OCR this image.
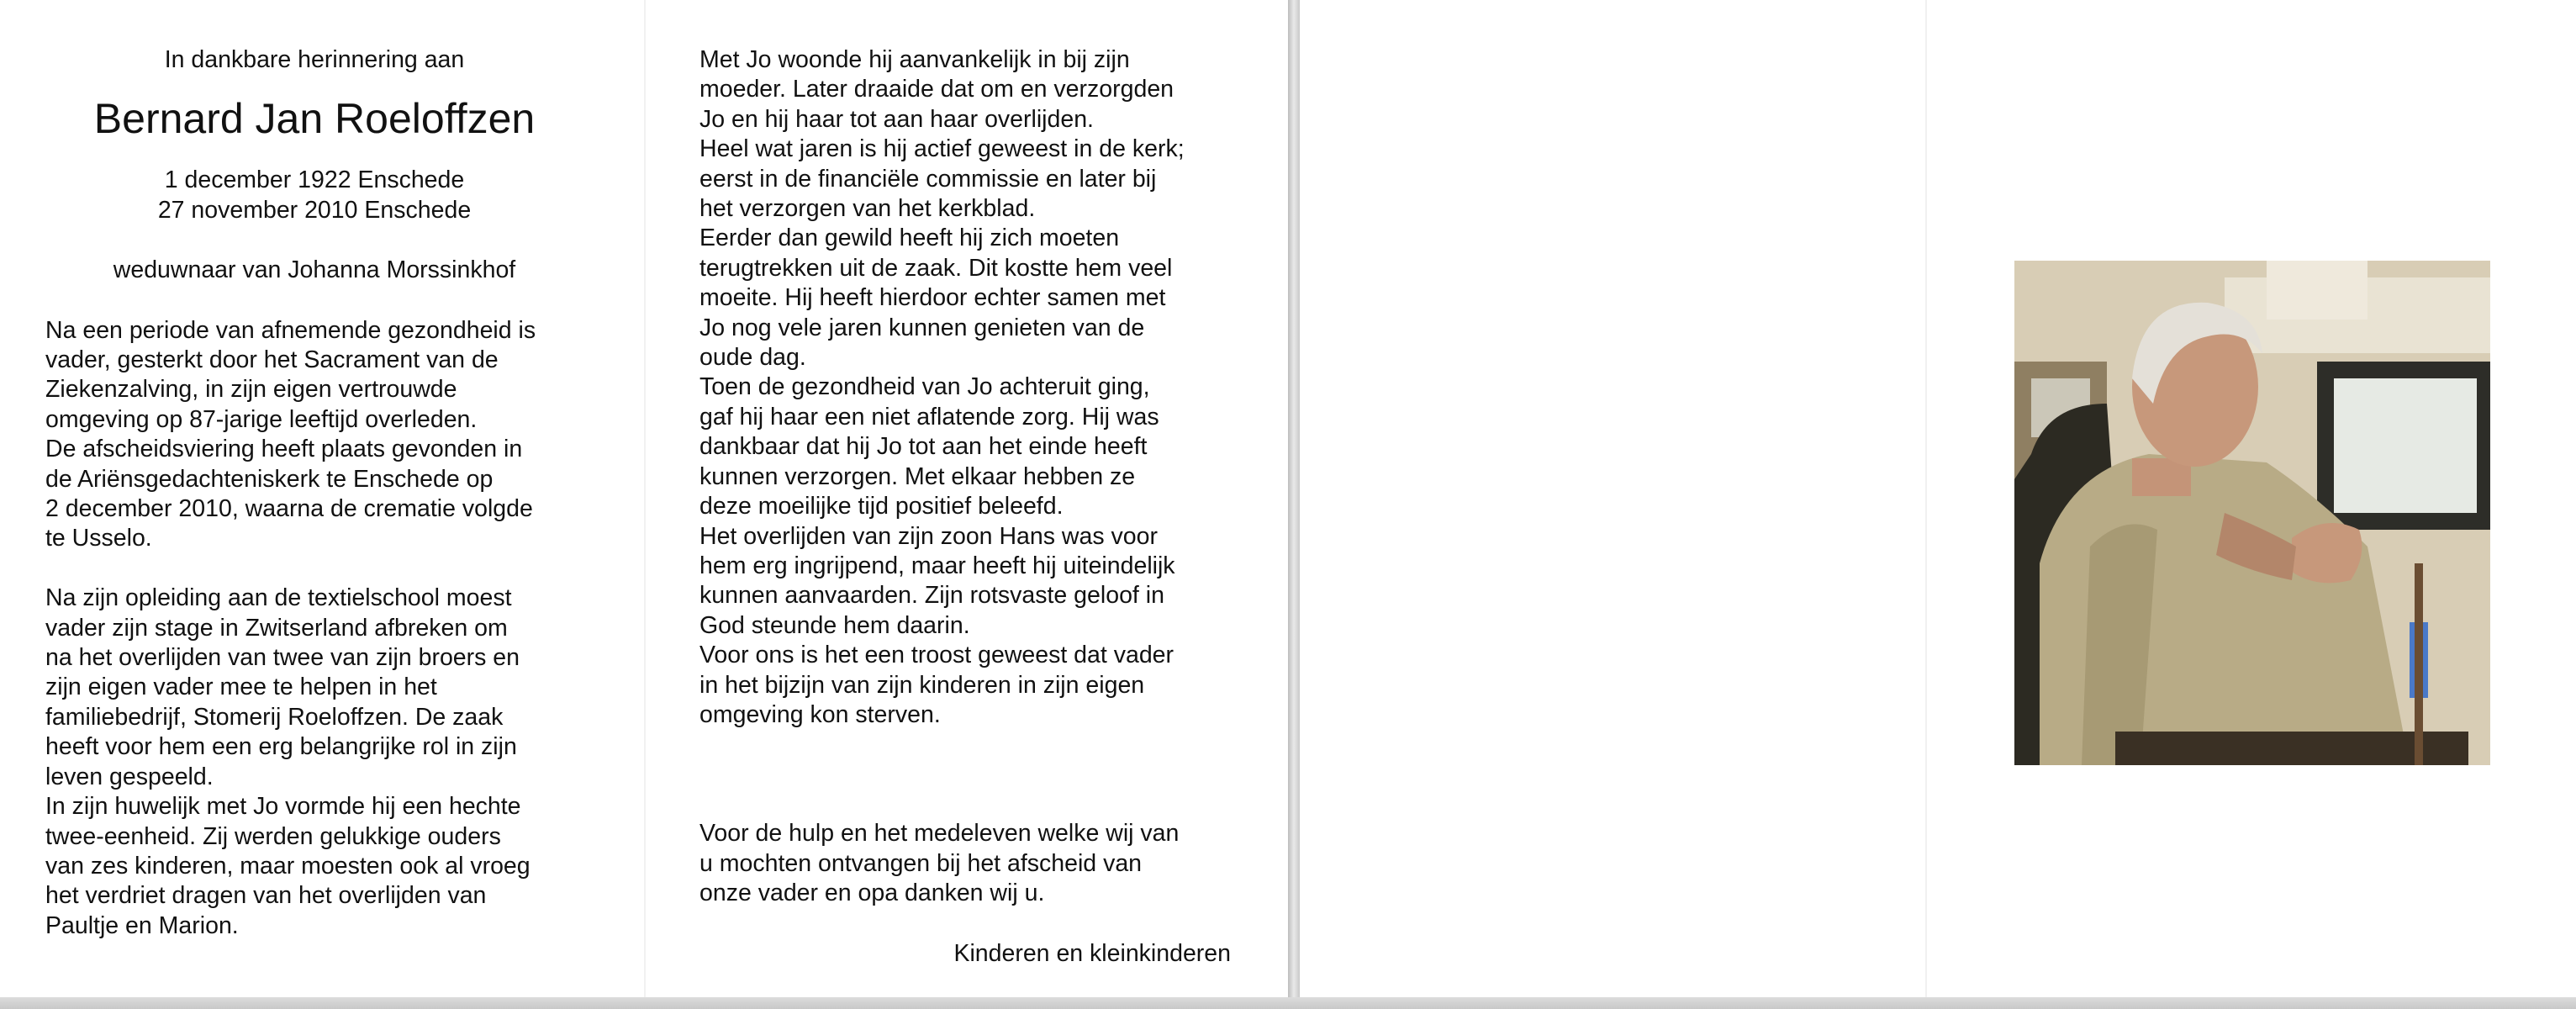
In dankbare herinnering aan

Bernard Jan Roeloffzen
1 december 1922 Enschede
27 november 2010 Enschede

weduwnaar van Johanna Morssinkhof

Na een periode van afnemende gezondheid is
vader, gesterkt door het Sacrament van de
Ziekenzalving, in zijn eigen vertrouwde
omgeving op 87-jarige leeftijd overleden.
De afscheidsviering heeft plaats gevonden in
de Ariënsgedachteniskerk te Enschede op
2 december 2010, waarna de crematie volgde
te Usselo.

Na zijn opleiding aan de textielschool moest
vader zijn stage in Zwitserland afbreken om
na het overlijden van twee van zijn broers en
zijn eigen vader mee te helpen in het
familiebedrijf, Stomerij Roeloffzen. De zaak
heeft voor hem een erg belangrijke rol in zijn
leven gespeeld.
In zijn huwelijk met Jo vormde hij een hechte
twee-eenheid. Zij werden gelukkige ouders
van zes kinderen, maar moesten ook al vroeg
het verdriet dragen van het overlijden van
Paultje en Marion.

Met Jo woonde hij aanvankelijk in bij zijn
moeder. Later draaide dat om en verzorgden
Jo en hij haar tot aan haar overlijden.
Heel wat jaren is hij actief geweest in de kerk;
eerst in de financiële commissie en later bij
het verzorgen van het kerkblad.
Eerder dan gewild heeft hij zich moeten
terugtrekken uit de zaak. Dit kostte hem veel
moeite. Hij heeft hierdoor echter samen met
Jo nog vele jaren kunnen genieten van de
oude dag.
Toen de gezondheid van Jo achteruit ging,
gaf hij haar een niet aflatende zorg. Hij was
dankbaar dat hij Jo tot aan het einde heeft
kunnen verzorgen. Met elkaar hebben ze
deze moeilijke tijd positief beleefd.
Het overlijden van zijn zoon Hans was voor
hem erg ingrijpend, maar heeft hij uiteindelijk
kunnen aanvaarden. Zijn rotsvaste geloof in
God steunde hem daarin.
Voor ons is het een troost geweest dat vader
in het bijzijn van zijn kinderen in zijn eigen
omgeving kon sterven.

Voor de hulp en het medeleven welke wij van
u mochten ontvangen bij het afscheid van
onze vader en opa danken wij u.

Kinderen en kleinkinderen
